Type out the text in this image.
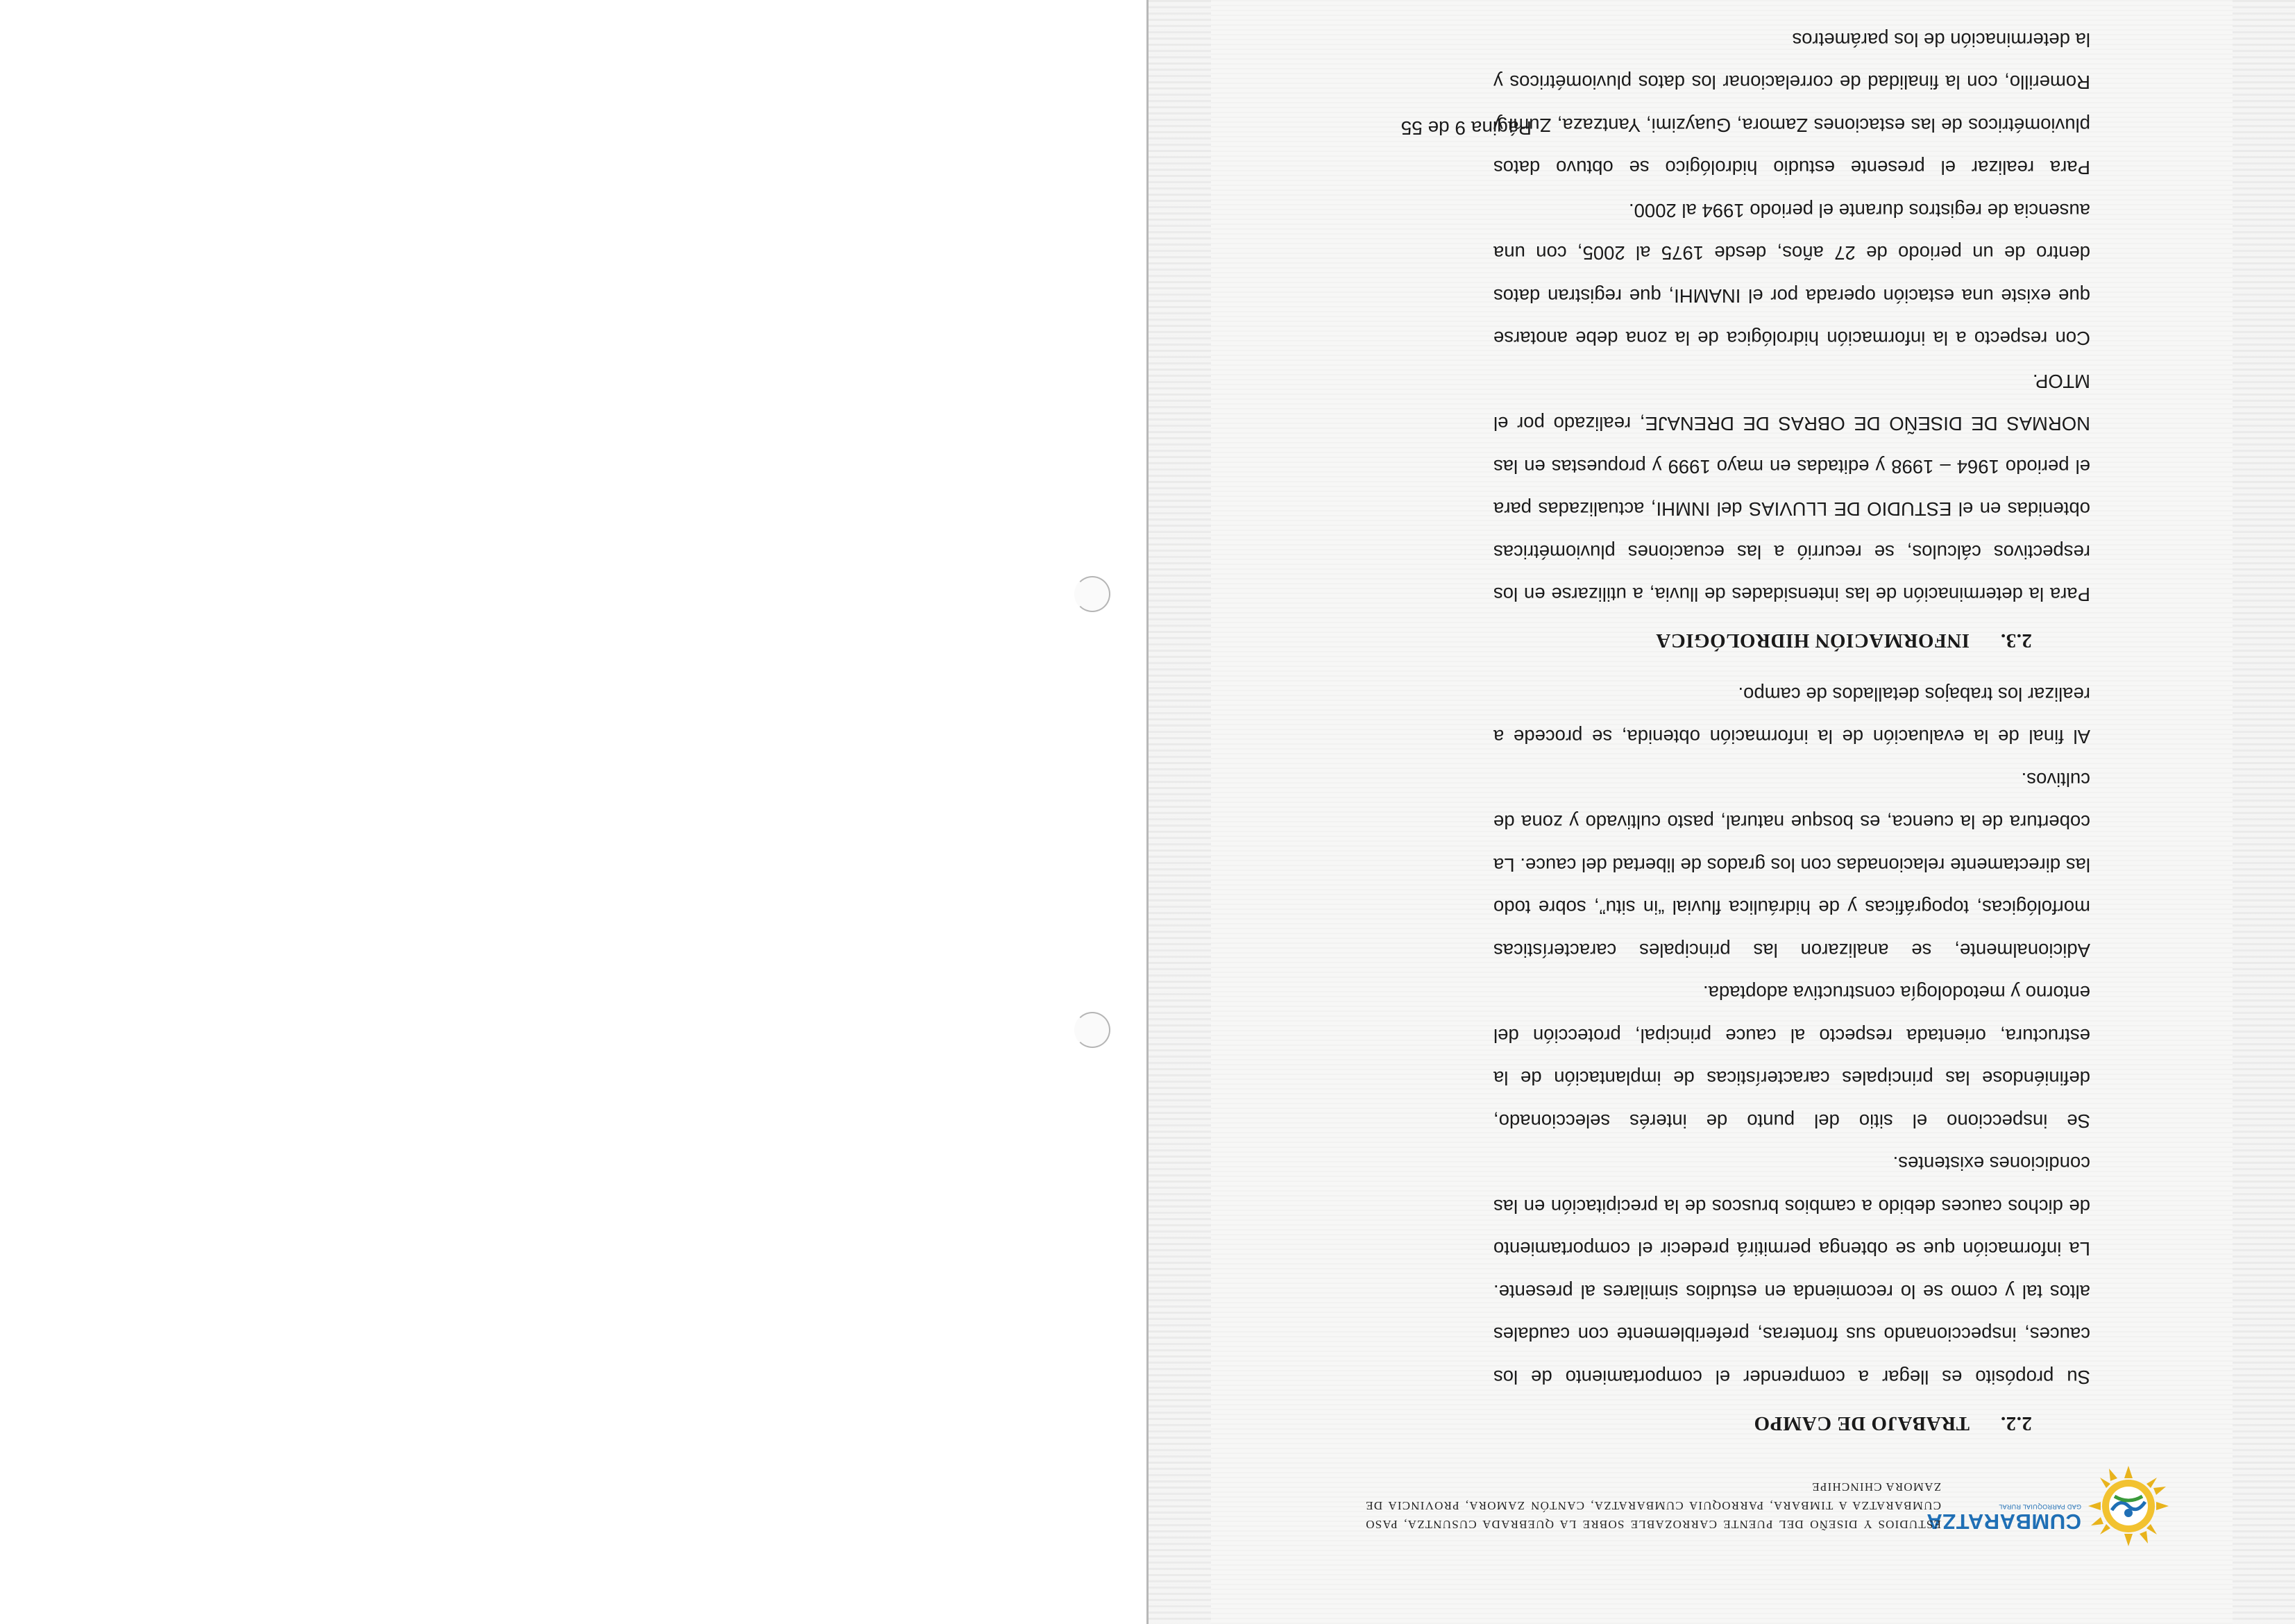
CUMBARATZA
GAD PARROQUIAL RURAL
ESTUDIOS Y DISEÑO DEL PUENTE CARROZABLE SOBRE LA QUEBRADA CUSUNTZA, PASO CUMBARATZA A TIMBARA, PARROQUIA CUMBARATZA, CANTÓN ZAMORA, PROVINCIA DE ZAMORA CHINCHIPE
2.2.TRABAJO DE CAMPO

Su propósito es llegar a comprender el comportamiento de los cauces, inspeccionando sus fronteras, preferiblemente con caudales altos tal y como se lo recomienda en estudios similares al presente. La información que se obtenga permitirá predecir el comportamiento de dichos cauces debido a cambios bruscos de la precipitación en las condiciones existentes.

Se inspecciono el sitio del punto de interés seleccionado, definiéndose las principales características de implantación de la estructura, orientada respecto al cauce principal, protección del entorno y metodología constructiva adoptada.

Adicionalmente, se analizaron las principales características morfológicas, topográficas y de hidráulica fluvial “in situ”, sobre todo las directamente relacionadas con los grados de libertad del cauce. La cobertura de la cuenca, es bosque natural, pasto cultivado y zona de cultivos.

Al final de la evaluación de la información obtenida, se procede a realizar los trabajos detallados de campo.

2.3.INFORMACIÓN HIDROLÓGICA

Para la determinación de las intensidades de lluvia, a utilizarse en los respectivos cálculos, se recurrió a las ecuaciones pluviométricas obtenidas en el ESTUDIO DE LLUVIAS del INMHI, actualizadas para el periodo 1964 – 1998 y editadas en mayo 1999 y propuestas en las NORMAS DE DISEÑO DE OBRAS DE DRENAJE, realizado por el MTOP.

Con respecto a la información hidrológica de la zona debe anotarse que existe una estación operada por el INAMHI, que registran datos dentro de un periodo de 27 años, desde 1975 al 2005, con una ausencia de registros durante el periodo 1994 al 2000.

Para realizar el presente estudio hidrológico se obtuvo datos pluviométricos de las estaciones Zamora, Guayzimi, Yantzaza, Zumi y Romerillo, con la finalidad de correlacionar los datos pluviométricos y la determinación de los parámetros

Página 9 de 55
